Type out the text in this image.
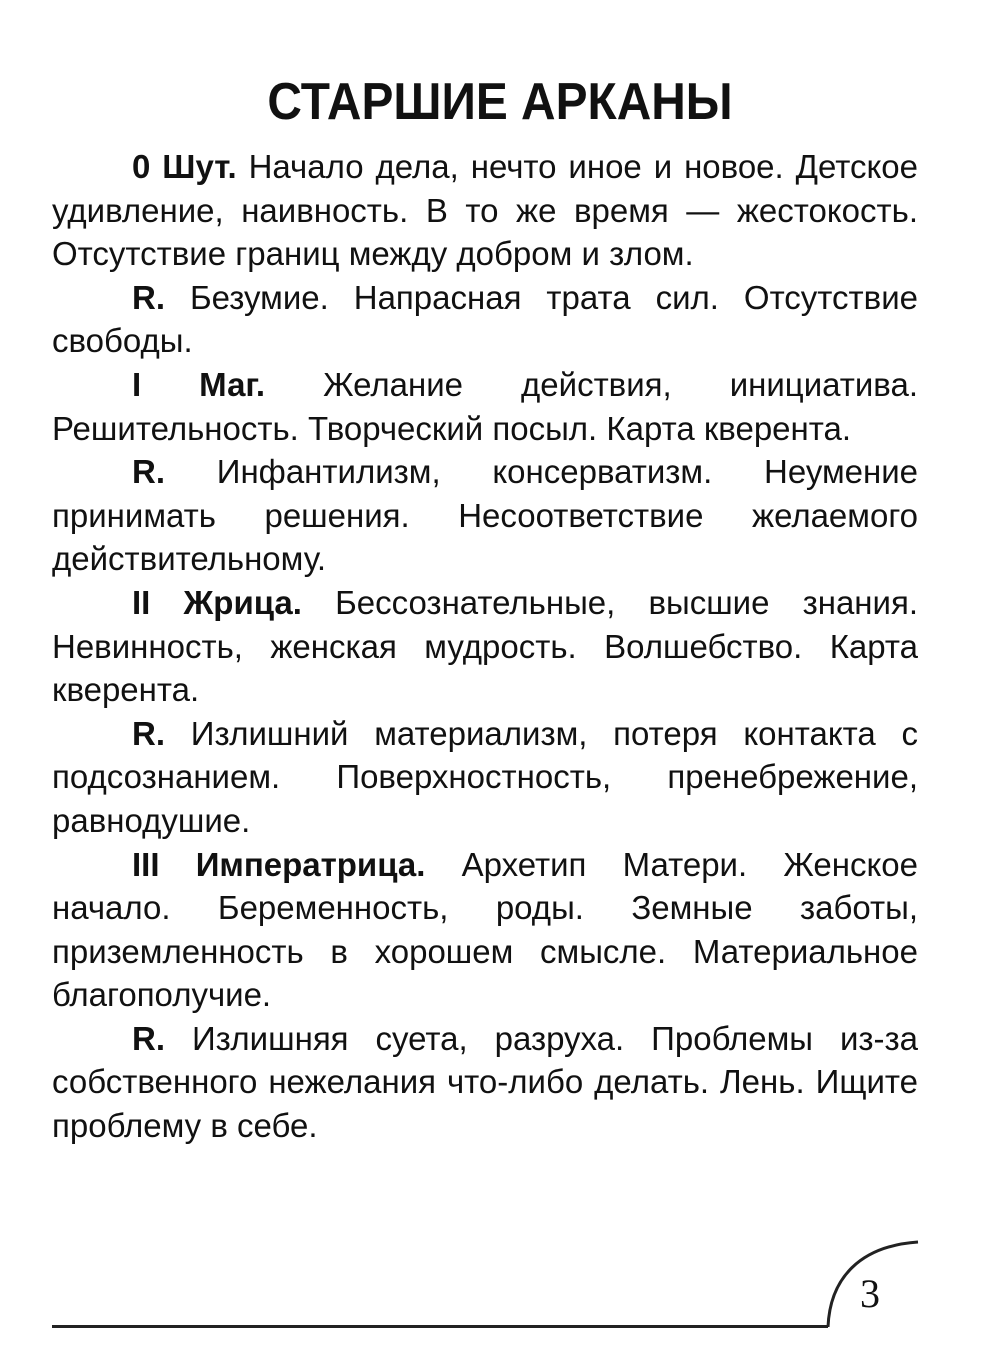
СТАРШИЕ АРКАНЫ

0 Шут. Начало дела, нечто иное и новое. Детское удивление, наивность. В то же время — жестокость. Отсутствие границ между добром и злом.

R. Безумие. Напрасная трата сил. Отсутствие свободы.

I Маг. Желание действия, инициатива. Решительность. Творческий посыл. Карта кверента.

R. Инфантилизм, консерватизм. Неумение принимать решения. Несоответствие желаемого действительному.

II Жрица. Бессознательные, высшие знания. Невинность, женская мудрость. Волшебство. Карта кверента.

R. Излишний материализм, потеря контакта с подсознанием. Поверхностность, пренебрежение, равнодушие.

III Императрица. Архетип Матери. Женское начало. Беременность, роды. Земные заботы, приземленность в хорошем смысле. Материальное благополучие.

R. Излишняя суета, разруха. Проблемы из-за собственного нежелания что-либо делать. Лень. Ищите проблему в себе.

3
